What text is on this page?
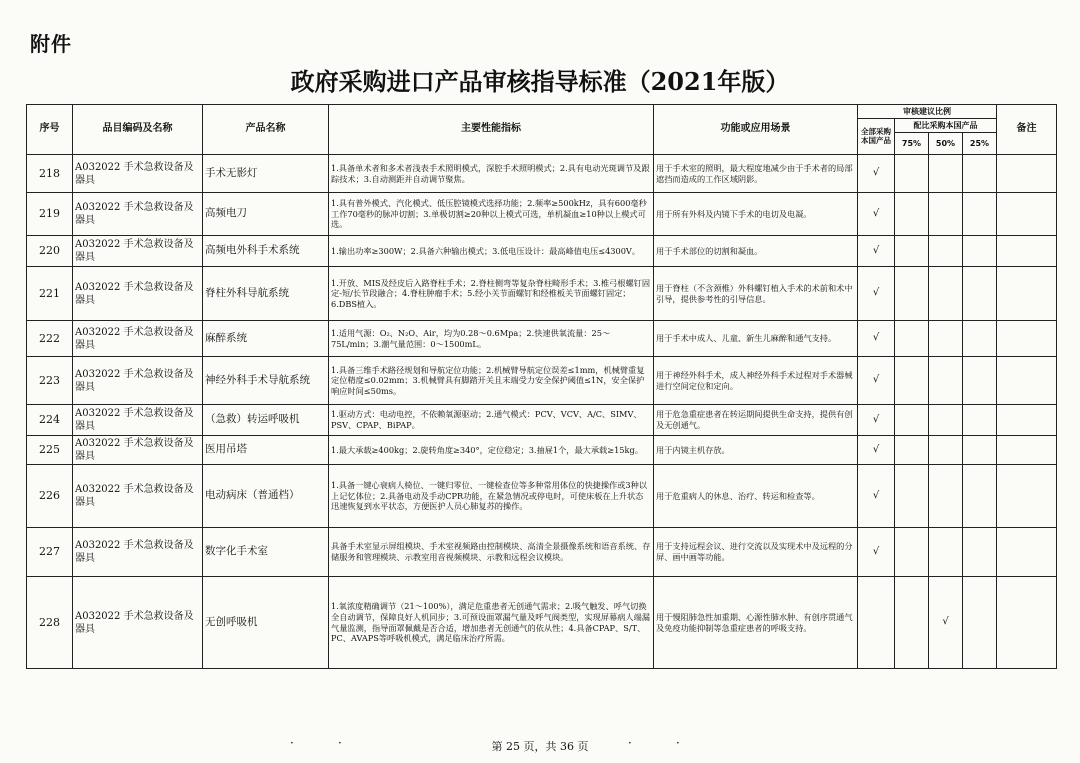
附件
政府采购进口产品审核指导标准（2021年版）
序号	品目编码及名称	产品名称	主要性能指标	功能或应用场景	审核建议比例				备注
					全部采购本国产品	配比采购本国产品			
						75%	50%	25%	
218	A032022 手术急救设备及器具	手术无影灯	1.具备单术者和多术者浅表手术照明模式，深腔手术照明模式；2.具有电动光斑调节及跟踪技术；3.自动测距并自动调节聚焦。	用于手术室的照明，最大程度地减少由于手术者的局部遮挡而造成的工作区域阴影。	√				
219	A032022 手术急救设备及器具	高频电刀	1.具有普外模式、汽化模式、低压腔镜模式选择功能；2.频率≥500kHz，具有600毫秒工作70毫秒的脉冲切割；3.单极切割≥20种以上模式可选，单机凝血≥10种以上模式可选。	用于所有外科及内镜下手术的电切及电凝。	√				
220	A032022 手术急救设备及器具	高频电外科手术系统	1.输出功率≥300W；2.具备六种输出模式；3.低电压设计：最高峰值电压≤4300V。	用于手术部位的切割和凝血。	√				
221	A032022 手术急救设备及器具	脊柱外科导航系统	1.开放、MIS及经皮后入路脊柱手术；2.脊柱侧弯等复杂脊柱畸形手术；3.椎弓根螺钉固定-短/长节段融合；4.脊柱肿瘤手术；5.经小关节面螺钉和经椎板关节面螺钉固定；6.DBS植入。	用于脊柱（不含颈椎）外科螺钉植入手术的术前和术中引导，提供参考性的引导信息。	√				
222	A032022 手术急救设备及器具	麻醉系统	1.适用气源：O₂、N₂O、Air，均为0.28～0.6Mpa；2.快速供氧流量：25～75L/min；3.潮气量范围：0～1500mL。	用于手术中成人、儿童、新生儿麻醉和通气支持。	√				
223	A032022 手术急救设备及器具	神经外科手术导航系统	1.具备三维手术路径规划和导航定位功能；2.机械臂导航定位误差≤1mm，机械臂重复定位精度≤0.02mm；3.机械臂具有脚踏开关且末端受力安全保护阈值≤1N，安全保护响应时间≤50ms。	用于神经外科手术，成人神经外科手术过程对手术器械进行空间定位和定向。	√				
224	A032022 手术急救设备及器具	（急救）转运呼吸机	1.驱动方式：电动电控，不依赖氧源驱动；2.通气模式：PCV、VCV、A/C、SIMV、PSV、CPAP、BiPAP。	用于危急重症患者在转运期间提供生命支持，提供有创及无创通气。	√				
225	A032022 手术急救设备及器具	医用吊塔	1.最大承载≥400kg；2.旋转角度≥340°，定位稳定；3.抽屉1个，最大承载≥15kg。	用于内镜主机存放。	√				
226	A032022 手术急救设备及器具	电动病床（普通档）	1.具备一键心衰病人椅位、一键归零位、一键检查位等多种常用体位的快捷操作或3种以上记忆体位；2.具备电动及手动CPR功能，在紧急情况或停电时，可使床板在上升状态迅速恢复到水平状态，方便医护人员心肺复苏的操作。	用于危重病人的休息、治疗、转运和检查等。	√				
227	A032022 手术急救设备及器具	数字化手术室	具备手术室显示屏组模块、手术室视频路由控制模块、高清全景摄像系统和语音系统、存储服务和管理模块、示教室用音视频模块、示教和远程会议模块。	用于支持远程会议、进行交流以及实现术中及远程的分屏、画中画等功能。	√				
228	A032022 手术急救设备及器具	无创呼吸机	1.氧浓度精确调节（21～100%），满足危重患者无创通气需求；2.吸气触发、呼气切换全自动调节，保障良好人机同步；3.可预设面罩漏气量及呼气阀类型，实现屏幕病人端漏气量监测，指导面罩佩戴是否合适，增加患者无创通气的依从性；4.具备CPAP、S/T、PC、AVAPS等呼吸机模式，满足临床治疗所需。	用于慢阻肺急性加重期、心源性肺水肿、有创序贯通气及免疫功能抑制等急重症患者的呼吸支持。			√		
·	·	第 25 页，共 36 页	·	·
